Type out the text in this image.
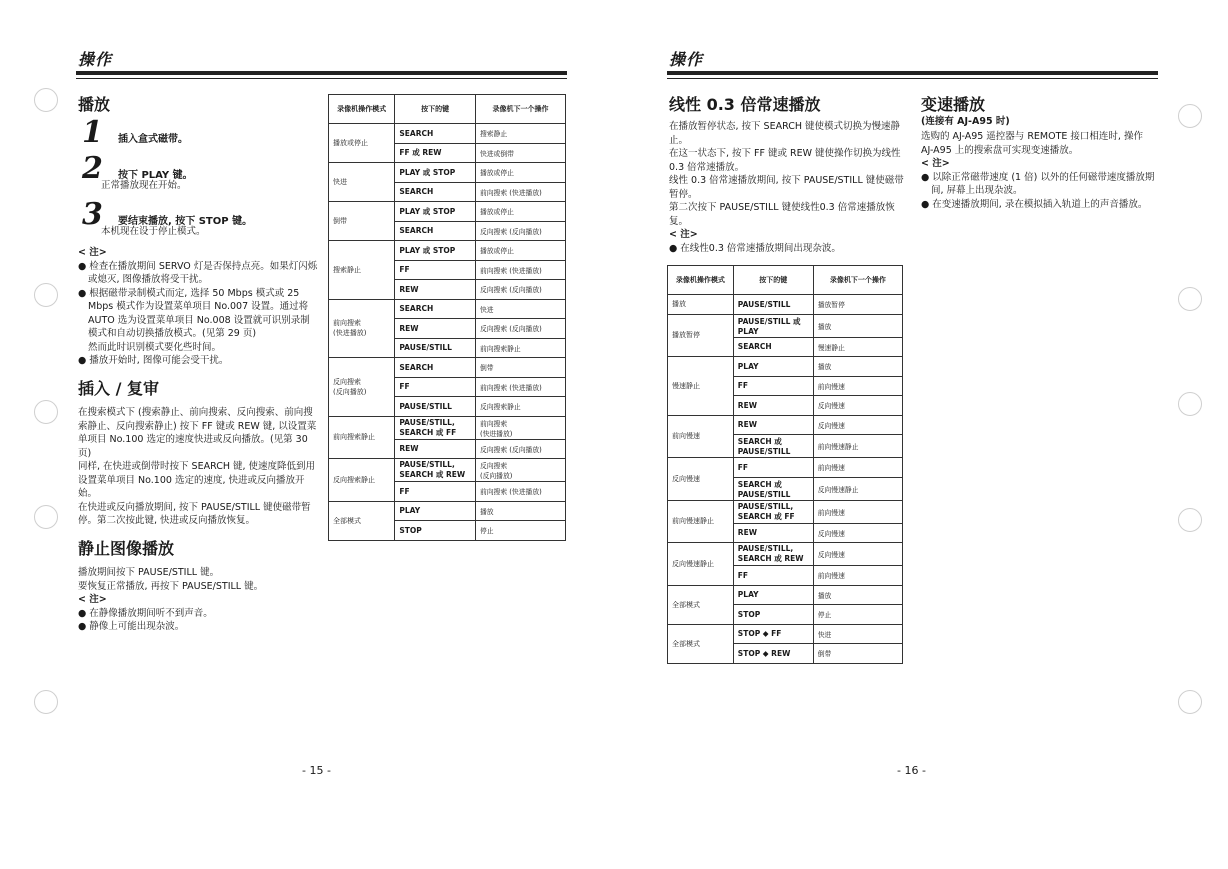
操作
播放
1 插入盒式磁带。
2 按下 PLAY 键。
正常播放现在开始。
3 要结束播放, 按下 STOP 键。
本机现在设于停止模式。
< 注>
● 检查在播放期间 SERVO 灯是否保持点亮。如果灯闪烁或熄灭, 图像播放将受干扰。
● 根据磁带录制模式而定, 选择 50 Mbps 模式或 25 Mbps 模式作为设置菜单项目 No.007 设置。通过将 AUTO 选为设置菜单项目 No.008 设置就可识别录制模式和自动切换播放模式。(见第 29 页)
然而此时识别模式要化些时间。
● 播放开始时, 图像可能会受干扰。
插入 / 复审
在搜索模式下 (搜索静止、前向搜索、反向搜索、前向搜索静止、反向搜索静止) 按下 FF 键或 REW 键, 以设置菜单项目 No.100 选定的速度快进或反向播放。(见第 30 页)
同样, 在快进或倒带时按下 SEARCH 键, 使速度降低到用设置菜单项目 No.100 选定的速度, 快进或反向播放开始。
在快进或反向播放期间, 按下 PAUSE/STILL 键使磁带暂停。第二次按此键, 快进或反向播放恢复。
静止图像播放
播放期间按下 PAUSE/STILL 键。
要恢复正常播放, 再按下 PAUSE/STILL 键。
< 注>
● 在静像播放期间听不到声音。
● 静像上可能出现杂波。
录像机操作模式	按下的键	录像机下一个操作
播放或停止	SEARCH	搜索静止
	FF 或 REW	快进或倒带
快进	PLAY 或 STOP	播放或停止
	SEARCH	前向搜索 (快进播放)
倒带	PLAY 或 STOP	播放或停止
	SEARCH	反向搜索 (反向播放)
搜索静止	PLAY 或 STOP	播放或停止
	FF	前向搜索 (快进播放)
	REW	反向搜索 (反向播放)
前向搜索
(快进播放)	SEARCH	快进
	REW	反向搜索 (反向播放)
	PAUSE/STILL	前向搜索静止
反向搜索
(反向播放)	SEARCH	倒带
	FF	前向搜索 (快进播放)
	PAUSE/STILL	反向搜索静止
前向搜索静止	PAUSE/STILL,
SEARCH 或 FF	前向搜索
(快进播放)
	REW	反向搜索 (反向播放)
反向搜索静止	PAUSE/STILL,
SEARCH 或 REW	反向搜索
(反向播放)
	FF	前向搜索 (快进播放)
全部模式	PLAY	播放
	STOP	停止
- 15 -
操作
线性 0.3 倍常速播放
在播放暂停状态, 按下 SEARCH 键使模式切换为慢速静止。
在这一状态下, 按下 FF 键或 REW 键使操作切换为线性 0.3 倍常速播放。
线性 0.3 倍常速播放期间, 按下 PAUSE/STILL 键使磁带暂停。
第二次按下 PAUSE/STILL 键使线性0.3 倍常速播放恢复。
< 注>
● 在线性0.3 倍常速播放期间出现杂波。
变速播放
(连接有 AJ-A95 时)
选购的 AJ-A95 遥控器与 REMOTE 接口相连时, 操作 AJ-A95 上的搜索盘可实现变速播放。
< 注>
● 以除正常磁带速度 (1 倍) 以外的任何磁带速度播放期间, 屏幕上出现杂波。
● 在变速播放期间, 录在模拟插入轨道上的声音播放。
录像机操作模式	按下的键	录像机下一个操作
播放	PAUSE/STILL	播放暂停
播放暂停	PAUSE/STILL 或
PLAY	播放
	SEARCH	慢速静止
慢速静止	PLAY	播放
	FF	前向慢速
	REW	反向慢速
前向慢速	REW	反向慢速
	SEARCH 或
PAUSE/STILL	前向慢速静止
反向慢速	FF	前向慢速
	SEARCH 或
PAUSE/STILL	反向慢速静止
前向慢速静止	PAUSE/STILL,
SEARCH 或 FF	前向慢速
	REW	反向慢速
反向慢速静止	PAUSE/STILL,
SEARCH 或 REW	反向慢速
	FF	前向慢速
全部模式	PLAY	播放
	STOP	停止
全部模式	STOP ◆ FF	快进
	STOP ◆ REW	倒带
- 16 -
